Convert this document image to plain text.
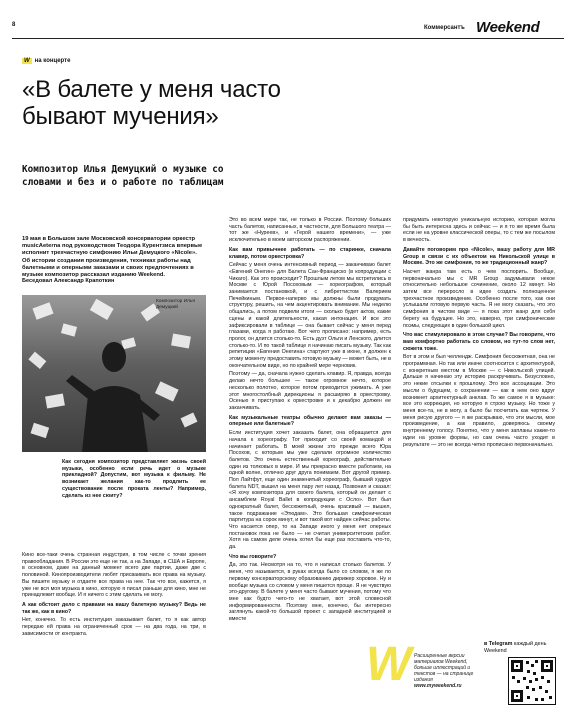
8	Коммерсантъ Weekend
W на концерте
«В балете у меня часто бывают мучения»
Композитор Илья Демуцкий о музыке со словами и без и о работе по таблицам
19 мая в Большом зале Московской консерватории оркестр musicAeterna под руководством Теодора Курентзиса впервые исполнит трехчастную симфонию Ильи Демуцкого «Nicole». Об истории создания произведения, техниках работы над балетными и оперными заказами и своих предпочтениях в музыке композитор рассказал изданию Weekend.
Беседовал Александр Крапоткин
Композитор Илья Демуцкий
Как сегодня композитор представляет жизнь своей музыки, особенно если речь идет о музыке прикладной? Допустим, вот музыка к фильму. Не возникает желания как-то продлить ее существование после проката ленты? Например, сделать из нее сюиту?

Кино все-таки очень странная индустрия, в том числе с точки зрения правообладания. В России это еще не так, а на Западе, в США и Европе, в основном, даже на данный момент всего две партии, даже две с половиной. Кинопроизводители любят присваивать все права на музыку. Вы пишете музыку и отдаете все права на нее. Так что все, кажется, я уже не вся моя музыка в кино, которую я писал раньше для кино, мне не принадлежит вообще. И я ничего с этим сделать не могу.

А как обстоит дело с правами на вашу балетную музыку? Ведь не так же, как в кино?

Нет, конечно. То есть институция заказывает балет, то я как автор передаю ей права на ограниченный срок — на два года, на три, в зависимости от контракта.

Это во всем мире так, не только в России. Поэтому больших часть балетов, написанных, в частности, для Большого театра — тот же «Нуреев», и «Герой нашего времени», — уже исключительно в моем авторском распоряжении.

Как вам привычнее работать — по старинке, сначала клавир, потом оркестровка?

Сейчас у меня очень интенсивный период — заканчиваю балет «Евгений Онегин» для Балета Сан-Франциско (в копродукции с Чикаго). Как это происходит? Прошлым летом мы встретились в Москве с Юрой Посоховым — хореографом, который занимается постановкой, и с либреттистом Валерием Печейкиным. Первое-наперво мы должны были продумать структуру, решить, на чем акцентировать внимание. Мы неделю общались, а потом подвели итоги — сколько будет актов, какие сцены и какой длительности, какая интонация. И все это зафиксировали в таблице — она бывает сейчас у меня перед глазами, когда я работаю. Вот чего прописано: например, есть пролог, он длится столько-то. Есть дуэт Ольги и Ленского, длится столько-то. И по такой таблице я начинаю писать музыку. Так как репетиции «Евгения Онегина» стартуют уже в июне, я должен к этому моменту предоставить готовую музыку — может быть, не в окончательном виде, но по крайней мере черновик.

Поэтому — да, сначала нужно сделать клавир. Я, правда, всегда делаю нечто большее — такое огромное нечто, которое несколько полотно, которое потом приходится ужимать. А уже этот многостолбный дирекционы я расширяю в оркестровку. Осенью я приступаю к оркестровке и к декабрю должен ее заканчивать.

Как музыкальные театры обычно делают вам заказы — оперные или балетные?

Если институция хочет заказать балет, она обращается для начала к хореографу. Тот приходит со своей командой и начинает работать. В моей жизни это прежде всего Юра Посохов, с которым мы уже сделали огромное количество балетов. Это очень естественный хореограф, действительно один из толковых в мире. И мы прекрасно вместе работаем, на одной волне, отлично друг друга понимаем. Вот другой пример. Пол Лайтфут, еще один знаменитый хореограф, бывший худрук балета NDT, вышел на меня пару лет назад. Позвонил и сказал: «Я хочу композитора для своего балета, который он делает с ансамблем Royal Ballet в копродукции с Осло». Вот был однократный балет, бессюжетный, очень красивый — вышел, такое подражание «Этюдам». Это большая симфоническая партитура на сорок минут, и вот такой вот найден сейчас работы. Что касается опер, то на Западе иного у меня нет оперных постановок пока не было — не считая университетских работ. Хотя на самом деле очень хотел бы еще раз поставить что-то, да.

Что вы говорите?

Да, это так. Несмотря на то, что я написал столько балетов. У меня, что называется, в руках всегда было со словом, я же по первому консерваторскому образованию дирижер хоровое. Ну и вообще музыка со словом у меня пишется проще. Я не чувствую это-другому. В балете у меня часто бывают мучения, потому что мне как будто чего-то не хватает, вот этой словесной информированности. Поэтому мне, конечно, бы интересно заглянуть какой-то большой проект с западной институцией и вместе

придумать некоторую уникальную историю, которая могла бы быть интересна здесь и сейчас — и я то же время была если не на уровне классической оперы, то с тем же посылом в вечность.

Давайте поговорим про «Nicole», вашу работу для MR Group в связи с их объектом на Никольской улице в Москве. Это же симфония, то же традиционный жанр?

Насчет жанра там есть о чем поспорить. Вообще, первоначально мы с MR Group задумывали некое относительно небольшое сочинение, около 12 минут. Но затем все переросло в идее создать полноценное трехчастное произведение. Особенно после того, как они услышали готовую первую часть. Я не могу сказать, что это симфония в чистом виде — я пока этот жанр для себя берегу на будущее. Но это, наверно, три симфонические поэмы, следующих в один большой цикл.

Что вас стимулировало в этом случае? Вы говорите, что вам комфортно работать со словом, но тут-то слов нет, сюжета тоже.

Вот в этом и был челлендж. Симфония бессюжетная, она не программная. Но так или иначе соотносится с архитектурой, с конкретным местом в Москве — с Никольской улицей. Дальше я начинаю эту историю раскручивать. Безусловно, это некие отсылки к прошлому. Это все ассоциации. Это мысли о будущем, о сохранении — как в нем оно вдруг возникнет архитектурный анклав. То же самое я в музыке: все это коррекция, но которую я строю музыку. Но тоже у меня все-та, не в могу, а было бы посчитать как чертеж. У меня рисую другого — я же раскрываю, что эти мысли, мое произведение, а как правило, доверяюсь своему внутреннему голосу. Понятно, что у меня запланы какие-то идеи на уровне формы, но сам очень часто уходит в результате — это не всегда четко прописано первоначально.

W Расширенные версии материалов Weekend, больше иллюстраций и текстов — на странице издания
www.myweekend.ru
в Telegram каждый день Weekend
